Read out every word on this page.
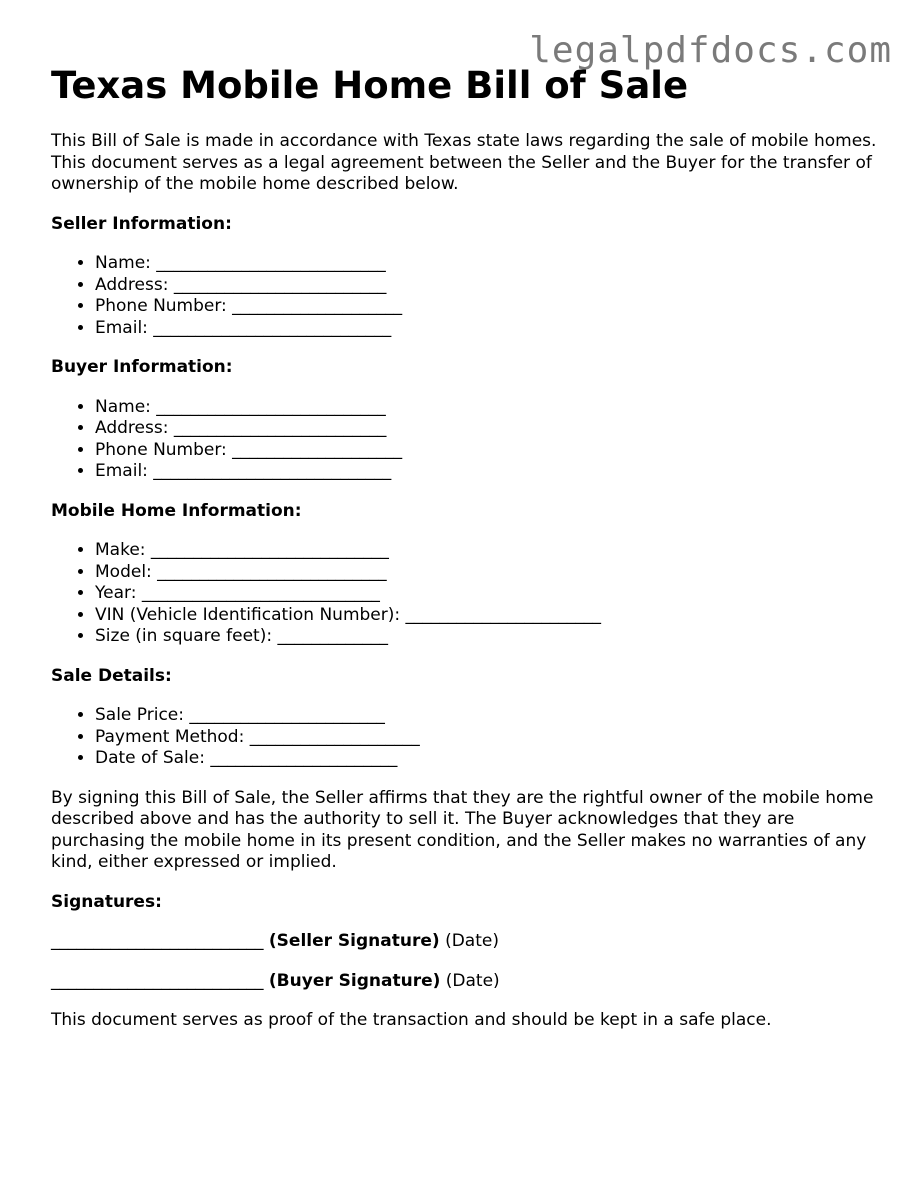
legalpdfdocs.com
Texas Mobile Home Bill of Sale

This Bill of Sale is made in accordance with Texas state laws regarding the sale of mobile homes. This document serves as a legal agreement between the Seller and the Buyer for the transfer of ownership of the mobile home described below.

Seller Information:

• Name: ___________________________
• Address: _________________________
• Phone Number: ____________________
• Email: ____________________________

Buyer Information:

• Name: ___________________________
• Address: _________________________
• Phone Number: ____________________
• Email: ____________________________

Mobile Home Information:

• Make: ____________________________
• Model: ___________________________
• Year: ____________________________
• VIN (Vehicle Identification Number): _______________________
• Size (in square feet): _____________

Sale Details:

• Sale Price: _______________________
• Payment Method: ____________________
• Date of Sale: ______________________

By signing this Bill of Sale, the Seller affirms that they are the rightful owner of the mobile home described above and has the authority to sell it. The Buyer acknowledges that they are purchasing the mobile home in its present condition, and the Seller makes no warranties of any kind, either expressed or implied.

Signatures:

_________________________ (Seller Signature) (Date)

_________________________ (Buyer Signature) (Date)

This document serves as proof of the transaction and should be kept in a safe place.
